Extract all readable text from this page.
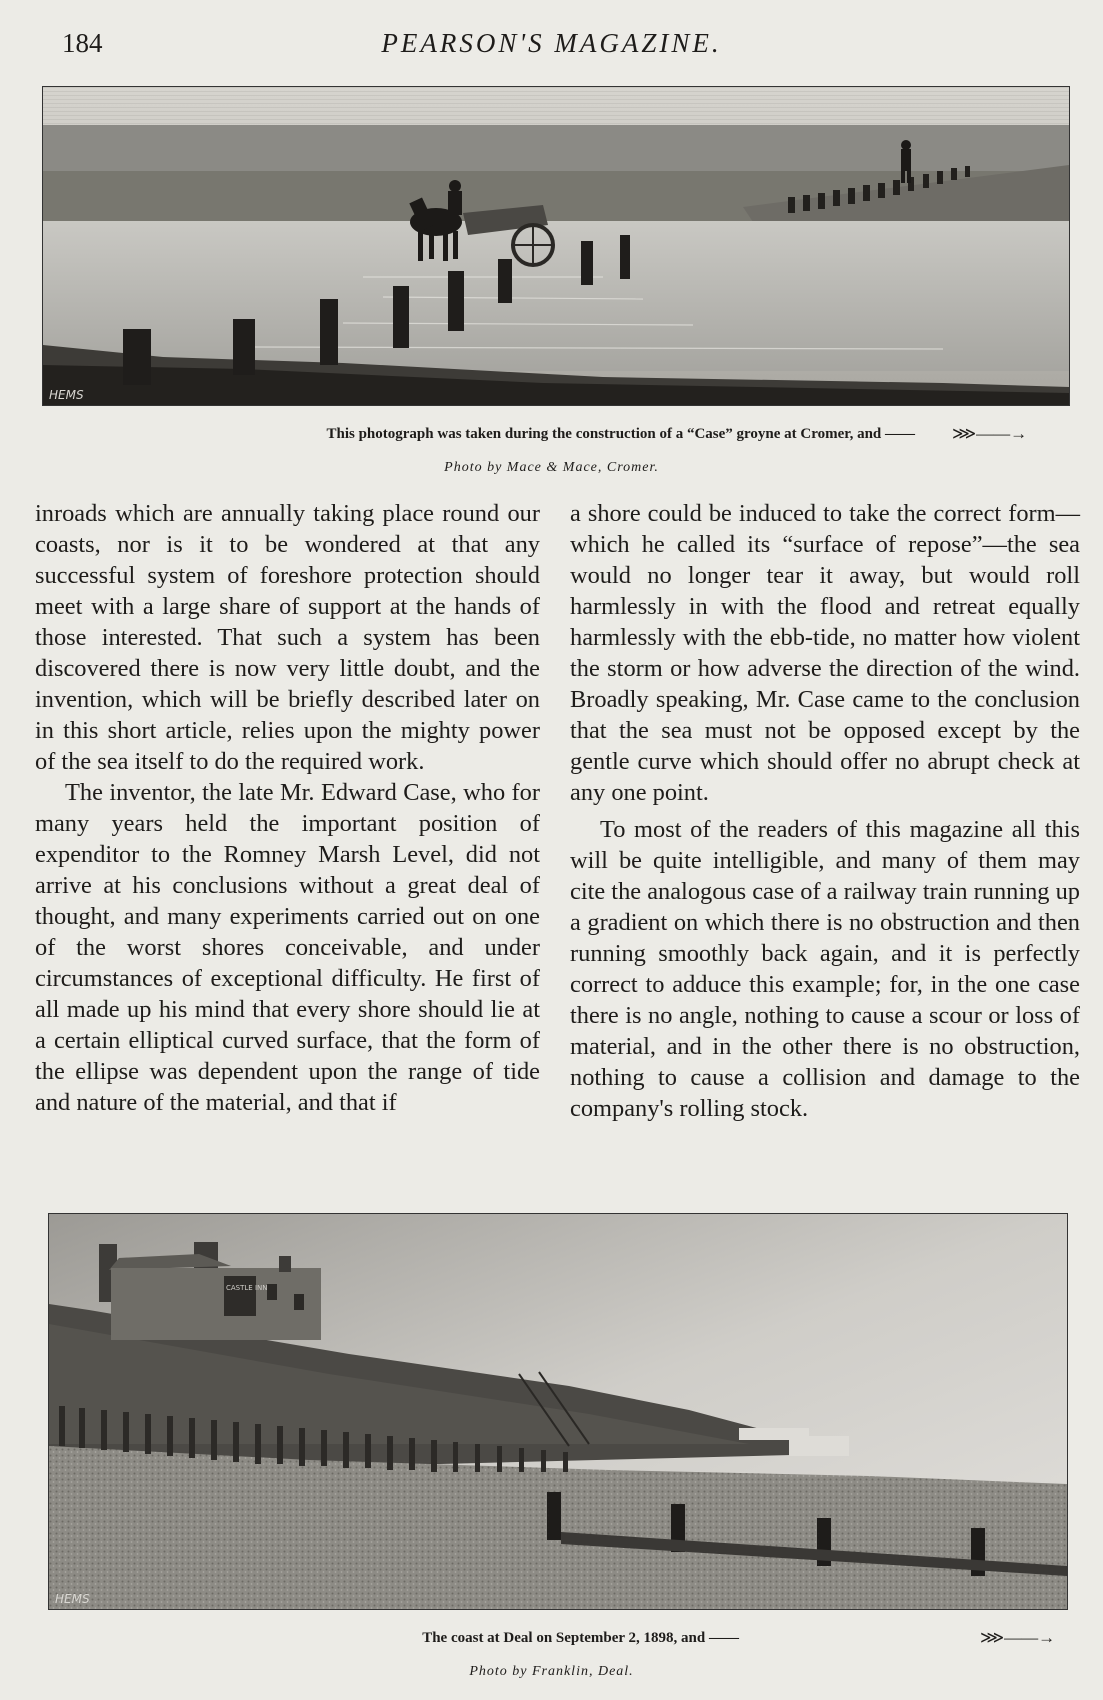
184	PEARSON'S MAGAZINE.
HEMS
This photograph was taken during the construction of a “Case” groyne at Cromer, and —— ⋙——→
Photo by Mace & Mace, Cromer.

inroads which are annually taking place round our coasts, nor is it to be wondered at that any successful system of foreshore protection should meet with a large share of support at the hands of those interested. That such a system has been discovered there is now very little doubt, and the invention, which will be briefly described later on in this short article, relies upon the mighty power of the sea itself to do the required work.

The inventor, the late Mr. Edward Case, who for many years held the important position of expenditor to the Romney Marsh Level, did not arrive at his conclusions without a great deal of thought, and many experiments carried out on one of the worst shores conceivable, and under circumstances of exceptional difficulty. He first of all made up his mind that every shore should lie at a certain elliptical curved surface, that the form of the ellipse was dependent upon the range of tide and nature of the material, and that if

a shore could be induced to take the correct form—which he called its “surface of repose”—the sea would no longer tear it away, but would roll harmlessly in with the flood and retreat equally harmlessly with the ebb-tide, no matter how violent the storm or how adverse the direction of the wind. Broadly speaking, Mr. Case came to the conclusion that the sea must not be opposed except by the gentle curve which should offer no abrupt check at any one point.

To most of the readers of this magazine all this will be quite intelligible, and many of them may cite the analogous case of a railway train running up a gradient on which there is no obstruction and then running smoothly back again, and it is perfectly correct to adduce this example; for, in the one case there is no angle, nothing to cause a scour or loss of material, and in the other there is no obstruction, nothing to cause a collision and damage to the company's rolling stock.

CASTLE INN
HEMS
The coast at Deal on September 2, 1898, and ——	⋙——→
Photo by Franklin, Deal.
